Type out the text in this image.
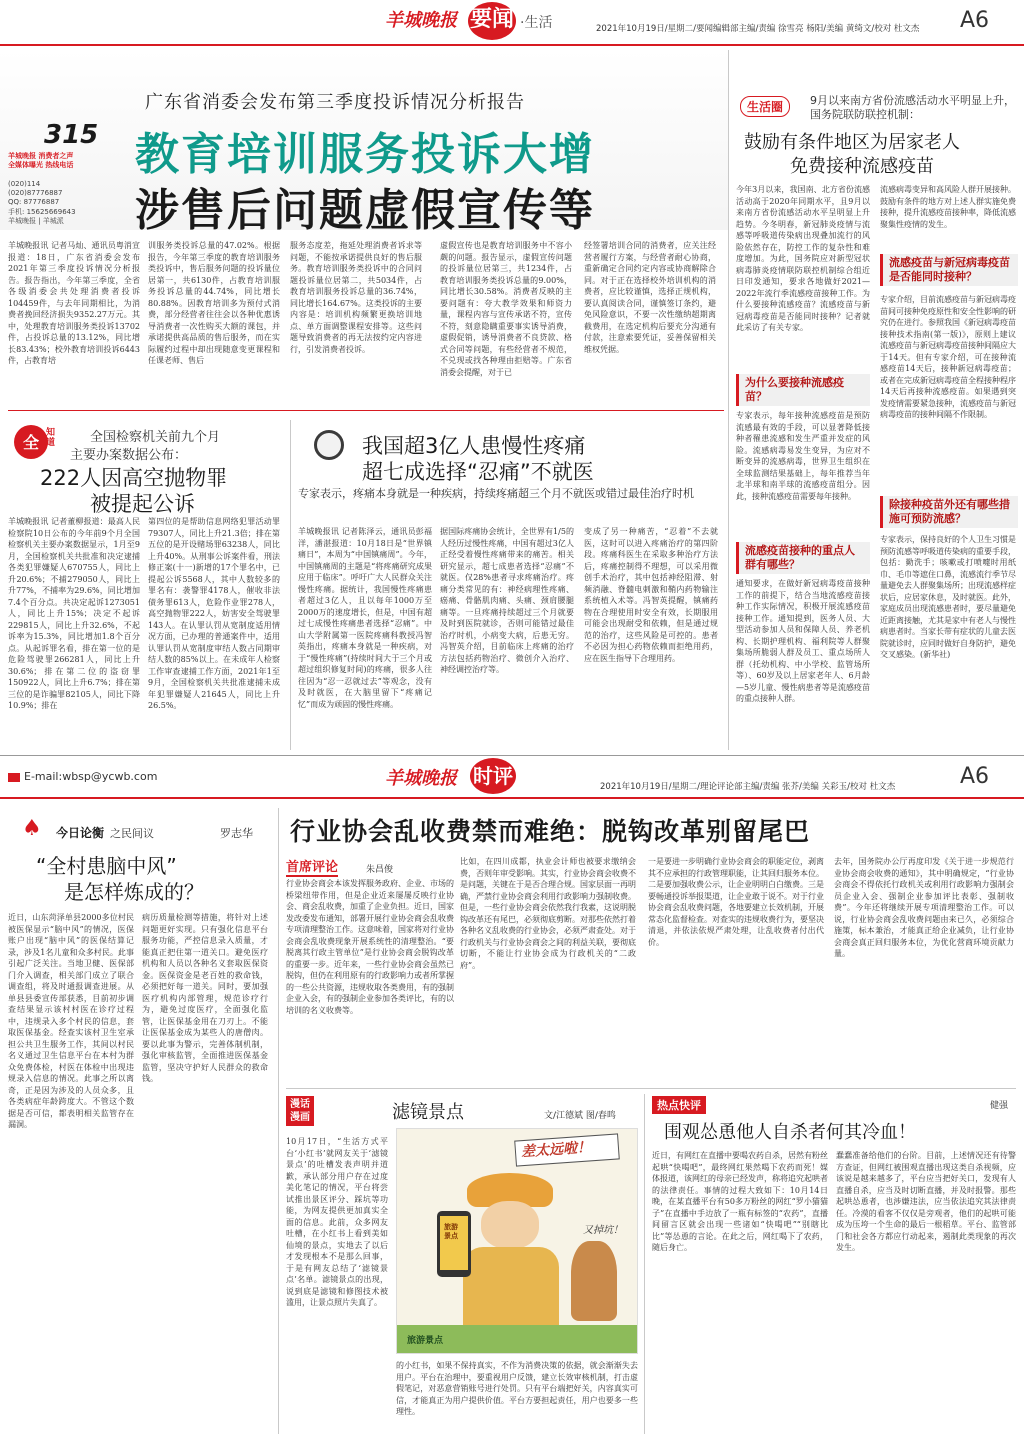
羊城晚报 要闻 ·生活	2021年10月19日/星期二/要闻编辑部主编/责编 徐雪亮 杨阳/美编 黄绮文/校对 杜文杰 A6
315
羊城晚报 消费者之声 全媒体曝光 热线电话
(020)114
(020)87776887
QQ: 87776887
手机: 15625669643
羊城晚报 | 羊城派
广东省消委会发布第三季度投诉情况分析报告
教育培训服务投诉大增
涉售后问题虚假宣传等
羊城晚报讯 记者马灿、通讯员粤消宣报道：18日，广东省消委会发布2021年第三季度投诉情况分析报告。报告指出，今年第三季度，全省各级消委会共处理消费者投诉104459件，与去年同期相比，为消费者挽回经济损失9352.27万元。其中，处理教育培训服务类投诉13702件，占投诉总量的13.12%，同比增长83.43%；校外教育培训投诉6443件，占教育培
训服务类投诉总量的47.02%。根据报告，今年第三季度的教育培训服务类投诉中，售后服务问题的投诉量位居第一，共6130件，占教育培训服务投诉总量的44.74%，同比增长80.88%。因教育培训多为预付式消费，部分经营者往往会以各种优惠诱导消费者一次性购买大额的课包，并承诺提供高品质的售后服务，而在实际履约过程中却出现随意变更课程和任课老师、售后
服务态度差，拖延处理消费者诉求等问题，不能按承诺提供良好的售后服务。教育培训服务类投诉中的合同问题投诉量位居第二，共5034件，占教育培训服务投诉总量的36.74%，同比增长164.67%。这类投诉的主要内容是：培训机构频繁更换培训地点、单方面调整课程安排等。这些问题导致消费者的再无法按约定内容进行，引发消费者投诉。
虚假宣传也是教育培训服务中不容小觑的问题。报告显示，虚假宣传问题的投诉量位居第三，共1234件，占教育培训服务类投诉总量的9.00%，同比增长30.58%。消费者反映的主要问题有：夸大教学效果和师资力量，课程内容与宣传承诺不符，宣传不符，刻意隐瞒重要事实诱导消费，虚假促销，诱导消费者不良贷款、格式合同等问题，有些经营者不规范，不兑现或找各种理由拒赔等。广东省消委会提醒，对于已
经签署培训合同的消费者，应关注经营者履行方案，与经营者耐心协商，重新确定合同约定内容或协商解除合同。对于正在选择校外培训机构的消费者，应比较谨慎，选择正规机构，要认真阅读合同，谨慎签订条约，避免风险意识，不要一次性缴纳超期离截费用，在选定机构后要充分沟通有付款，注意索要凭证，妥善保留相关维权凭据。
全 知道	全国检察机关前九个月
主要办案数据公布：
222人因高空抛物罪
被提起公诉
羊城晚报讯 记者董柳报道：最高人民检察院10日公布的今年前9个月全国检察机关主要办案数据显示，1月至9月，全国检察机关共批准和决定逮捕各类犯罪嫌疑人670755人，同比上升20.6%；不捕279050人，同比上升77%，不捕率为29.6%，同比增加7.4个百分点。共决定起诉1273051人，同比上升15%；决定不起诉229815人，同比上升32.6%，不起诉率为15.3%，同比增加1.8个百分点。从起诉罪名看，排在第一位的是危险驾驶罪266281人，同比上升30.6%；排在第二位的盗窃罪150922人，同比上升6.7%；排在第三位的是诈骗罪82105人，同比下降10.9%；排在
第四位的是帮助信息网络犯罪活动罪79307人，同比上升21.3倍；排在第五位的是开设赌场罪63238人，同比上升40%。从刑事公诉案件看，刑法修正案(十一)新增的17个罪名中，已提起公诉5568人，其中人数较多的罪名有：袭警罪4178人，催收非法债务罪613人，危险作业罪278人，高空抛物罪222人，妨害安全驾驶罪143人。在认罪认罚从宽制度适用情况方面，已办理的普通案件中，适用认罪认罚从宽制度审结人数占同期审结人数的85%以上。在未成年人检察工作审查逮捕工作方面，2021年1至9月，全国检察机关共批准逮捕未成年犯罪嫌疑人21645人，同比上升26.5%。
我国超3亿人患慢性疼痛
超七成选择“忍痛”不就医
专家表示，疼痛本身就是一种疾病，持续疼痛超三个月不就医或错过最佳治疗时机
羊城晚报讯 记者陈泽云，通讯员彭福洋，潘湛报道：10月18日是“世界镇痛日”，本周为“中国镇痛周”。今年，中国镇痛周的主题是“将疼痛研究成果应用于临床”。呼吁广大人民群众关注慢性疼痛。据统计，我国慢性疼痛患者超过3亿人，且以每年1000万至2000万的速度增长，但是，中国有超过七成慢性疼痛患者选择“忍痛”。中山大学附属第一医院疼痛科教授冯智英指出，疼痛本身就是一种疾病，对于“慢性疼痛”(持续时间大于三个月或超过组织修复时间)的疼痛，很多人往往因为“忍一忍就过去”等观念，没有及时就医，在大脑里留下“疼痛记忆”而成为顽固的慢性疼痛。
据国际疼痛协会统计，全世界有1/5的人经历过慢性疼痛，中国有超过3亿人正经受着慢性疼痛带来的痛苦。相关研究显示，超七成患者选择“忍痛”不就医。仅28%患者寻求疼痛治疗。疼痛分类常见的有：神经病理性疼痛、癌痛、骨骼肌肉痛、头痛、颈肩腰腿痛等。一旦疼痛持续超过三个月就要及时到医院就诊，否则可能错过最佳治疗时机，小病变大病，后患无穷。冯智英介绍，目前临床上疼痛的治疗方法包括药物治疗、微创介入治疗、神经调控治疗等。
变成了另一种痛苦，“忍着”不去就医，这时可以进入疼痛治疗的第四阶段。疼痛科医生在采取多种治疗方法后，疼痛控制得不理想，可以采用微创手术治疗，其中包括神经阻滞、射频消融、脊髓电刺激和鞘内药物输注系统植入术等。冯智英提醒，镇痛药物在合理使用时安全有效，长期服用可能会出现耐受和依赖，但是通过规范的治疗，这些风险是可控的。患者不必因为担心药物依赖而拒绝用药，应在医生指导下合理用药。
生活圈	9月以来南方省份流感活动水平明显上升，国务院联防联控机制：
鼓励有条件地区为居家老人
免费接种流感疫苗
今年3月以来，我国南、北方省份流感活动高于2020年同期水平，且9月以来南方省份流感活动水平呈明显上升趋势。今冬明春，新冠肺炎疫情与流感等呼吸道传染病出现叠加流行的风险依然存在，防控工作的复杂性和难度增加。为此，国务院应对新型冠状病毒肺炎疫情联防联控机制综合组近日印发通知，要求各地做好2021—2022年流行季流感疫苗接种工作。为什么要接种流感疫苗？流感疫苗与新冠病毒疫苗是否能同时接种？记者就此采访了有关专家。
流感病毒变异和高风险人群开展接种。鼓励有条件的地方对上述人群实施免费接种，提升流感疫苗接种率，降低流感聚集性疫情的发生。
流感疫苗与新冠病毒疫苗是否能同时接种？
专家介绍，目前流感疫苗与新冠病毒疫苗间可接种免疫原性和安全性影响的研究仍在进行。参照我国《新冠病毒疫苗接种技术指南(第一版)》，原则上建议流感疫苗与新冠病毒疫苗接种间隔应大于14天。但有专家介绍，可在接种流感疫苗14天后，接种新冠病毒疫苗；或者在完成新冠病毒疫苗全程接种程序14天后再接种流感疫苗。如果遇到突发疫情需要紧急接种，流感疫苗与新冠病毒疫苗的接种间隔不作限制。
为什么要接种流感疫苗？
专家表示，每年接种流感疫苗是预防流感最有效的手段，可以显著降低接种者罹患流感和发生严重并发症的风险。流感病毒易发生变异，为应对不断变异的流感病毒，世界卫生组织在全球监测结果基础上，每年推荐当年北半球和南半球的流感疫苗组分。因此，接种流感疫苗需要每年接种。
除接种疫苗外还有哪些措施可预防流感？
专家表示，保持良好的个人卫生习惯是预防流感等呼吸道传染病的重要手段，包括：勤洗手；咳嗽或打喷嚏时用纸巾、毛巾等遮住口鼻，流感流行季节尽量避免去人群聚集场所；出现流感样症状后，应居家休息，及时就医。此外，家庭成员出现流感患者时，要尽量避免近距离接触，尤其是家中有老人与慢性病患者时。当家长带有症状的儿童去医院就诊时，应同时做好自身防护，避免交叉感染。(新华社)
流感疫苗接种的重点人群有哪些？
通知要求，在做好新冠病毒疫苗接种工作的前提下，结合当地流感疫苗接种工作实际情况，积极开展流感疫苗接种工作。通知提到，医务人员、大型活动参加人员和保障人员、养老机构、长期护理机构、福利院等人群聚集场所脆弱人群及员工、重点场所人群（托幼机构、中小学校、监管场所等）、60岁及以上居家老年人、6月龄—5岁儿童、慢性病患者等是流感疫苗的重点接种人群。
E-mail:wbsp@ycwb.com	羊城晚报 时评	2021年10月19日/星期二/理论评论部主编/责编 张芥/美编 关彩玉/校对 杜文杰	A6
♠ 今日论衡 之民间议	罗志华
“全村患脑中风”
是怎样炼成的？
近日，山东菏泽单县2000多位村民被医保显示“脑中风”的情况，医保账户出现“脑中风”的医保结算记录，涉及1名儿童和众多村民。此事引起广泛关注。当地卫健、医保部门介入调查，相关部门成立了联合调查组，将及时通报调查进展。从单县县委宣传部获悉，目前初步调查结果显示该村村医在诊疗过程中，违规录入多个村民的信息，套取医保基金。经查实该村卫生室承担公共卫生服务工作，其间以村民名义通过卫生信息平台在本村为群众免费体检，村医在体检中出现违规录入信息的情况。此事之所以离奇，正是因为涉及的人员众多，且各类病症年龄跨度大。不管这个数据是否可信，都表明相关监管存在漏洞。
病历质量检测等措施，将针对上述问题更好实现。只有强化信息平台服务功能，严控信息录入质量，才能真正把住第一道关口。避免医疗机构和人员以各种名义套取医保资金。医保资金是老百姓的救命钱，必须把好每一道关。同时，要加强医疗机构内部管理，规范诊疗行为，避免过度医疗，全面强化监管，让医保基金用在刀刃上。不能让医保基金成为某些人的唐僧肉。要以此事为警示，完善体制机制，强化审核监管，全面推进医保基金监管，坚决守护好人民群众的救命钱。
行业协会乱收费禁而难绝：脱钩改革别留尾巴
首席评论	朱昌俊
行业协会商会本该发挥服务政府、企业、市场的桥梁纽带作用，但是企业近来屡屡反映行业协会、商会乱收费，加重了企业负担。近日，国家发改委发布通知，部署开展行业协会商会乱收费专项清理整治工作。这意味着，国家将对行业协会商会乱收费现象开展系统性的清理整治。“要脱离其行政主管单位”是行业协会商会脱钩改革的重要一步。近年来，一些行业协会商会虽然已脱钩，但仍在利用原有的行政影响力或者所掌握的一些公共资源，违规收取各类费用，有的强制企业入会，有的强制企业参加各类评比，有的以培训的名义收费等。
比如，在四川成都，执业会计师也被要求缴纳会费，否则年审受影响。其实，行业协会商会收费不是问题，关键在于是否合理合规。国家层面一再明确，严禁行业协会商会利用行政影响力强制收费。但是，一些行业协会商会依然我行我素，这说明脱钩改革还有尾巴，必须彻底剪断。对那些依然打着各种名义乱收费的行业协会，必须严肃查处。对于行政机关与行业协会商会之间的利益关联，要彻底切断，不能让行业协会成为行政机关的“二政府”。
一是要进一步明确行业协会商会的职能定位，剥离其不应承担的行政管理职能，让其回归服务本位。二是要加强收费公示，让企业明明白白缴费。三是要畅通投诉举报渠道，让企业敢于说不。对于行业协会商会乱收费问题，各地要建立长效机制，开展常态化监督检查。对查实的违规收费行为，要坚决清退，并依法依规严肃处理，让乱收费者付出代价。
去年，国务院办公厅再度印发《关于进一步规范行业协会商会收费的通知》，其中明确规定，“行业协会商会不得依托行政机关或利用行政影响力强制会员企业入会、强制企业参加评比表彰、强制收费”。今年还将继续开展专项清理整治工作。可以说，行业协会商会乱收费问题由来已久，必须综合施策，标本兼治，才能真正给企业减负，让行业协会商会真正回归服务本位，为优化营商环境贡献力量。
漫话漫画	滤镜景点	文/江德斌 图/春鸣
10月17日，“生活方式平台‘小红书’就网友关于‘滤镜景点’的吐槽发表声明并道歉，承认部分用户存在过度美化笔记的情况，平台将尝试推出景区评分、踩坑等功能，为网友提供更加真实全面的信息。此前，众多网友吐槽，在小红书上看到美如仙境的景点，实地去了以后才发现根本不是那么回事，于是有网友总结了‘滤镜景点’名单。滤镜景点的出现，说到底是滤镜和修图技术被滥用，让景点照片失真了。
差太远啦！
旅游景点	又掉坑！
旅游景点
的小红书，如果不保持真实，不作为消费决策的依据，就会渐渐失去用户。平台在治理中，要重视用户反馈，建立长效审核机制，打击虚假笔记，对恶意营销账号进行处罚。只有平台端把好关，内容真实可信，才能真正为用户提供价值。平台方要担起责任，用户也要多一些理性。
热点快评	健强
围观怂恿他人自杀者何其冷血！
近日，有网红在直播中要喝农药自杀，居然有粉丝起哄“快喝吧”，最终网红果然喝下农药而死！媒体报道，该网红的母亲已经发声，称将追究起哄者的法律责任。事情的过程大致如下：10月14日晚，在某直播平台有50多万粉丝的网红“罗小猫猫子”在直播中手边放了一瓶有标签的“农药”，直播间留言区就会出现一些诸如“快喝吧”“别瞎比比”等怂恿的言论。在此之后，网红喝下了农药，随后身亡。
蠢蠢准备给他们的台阶。目前，上述情况还有待警方查证，但网红被围观直播出现这类自杀视频，应该说是越来越多了，平台应当把好关口，发现有人直播自杀，应当及时切断直播，并及时报警。那些起哄怂恿者，也涉嫌违法，应当依法追究其法律责任。冷漠的看客不仅仅是旁观者，他们的起哄可能成为压垮一个生命的最后一根稻草。平台、监管部门和社会各方都应行动起来，遏制此类现象的再次发生。
